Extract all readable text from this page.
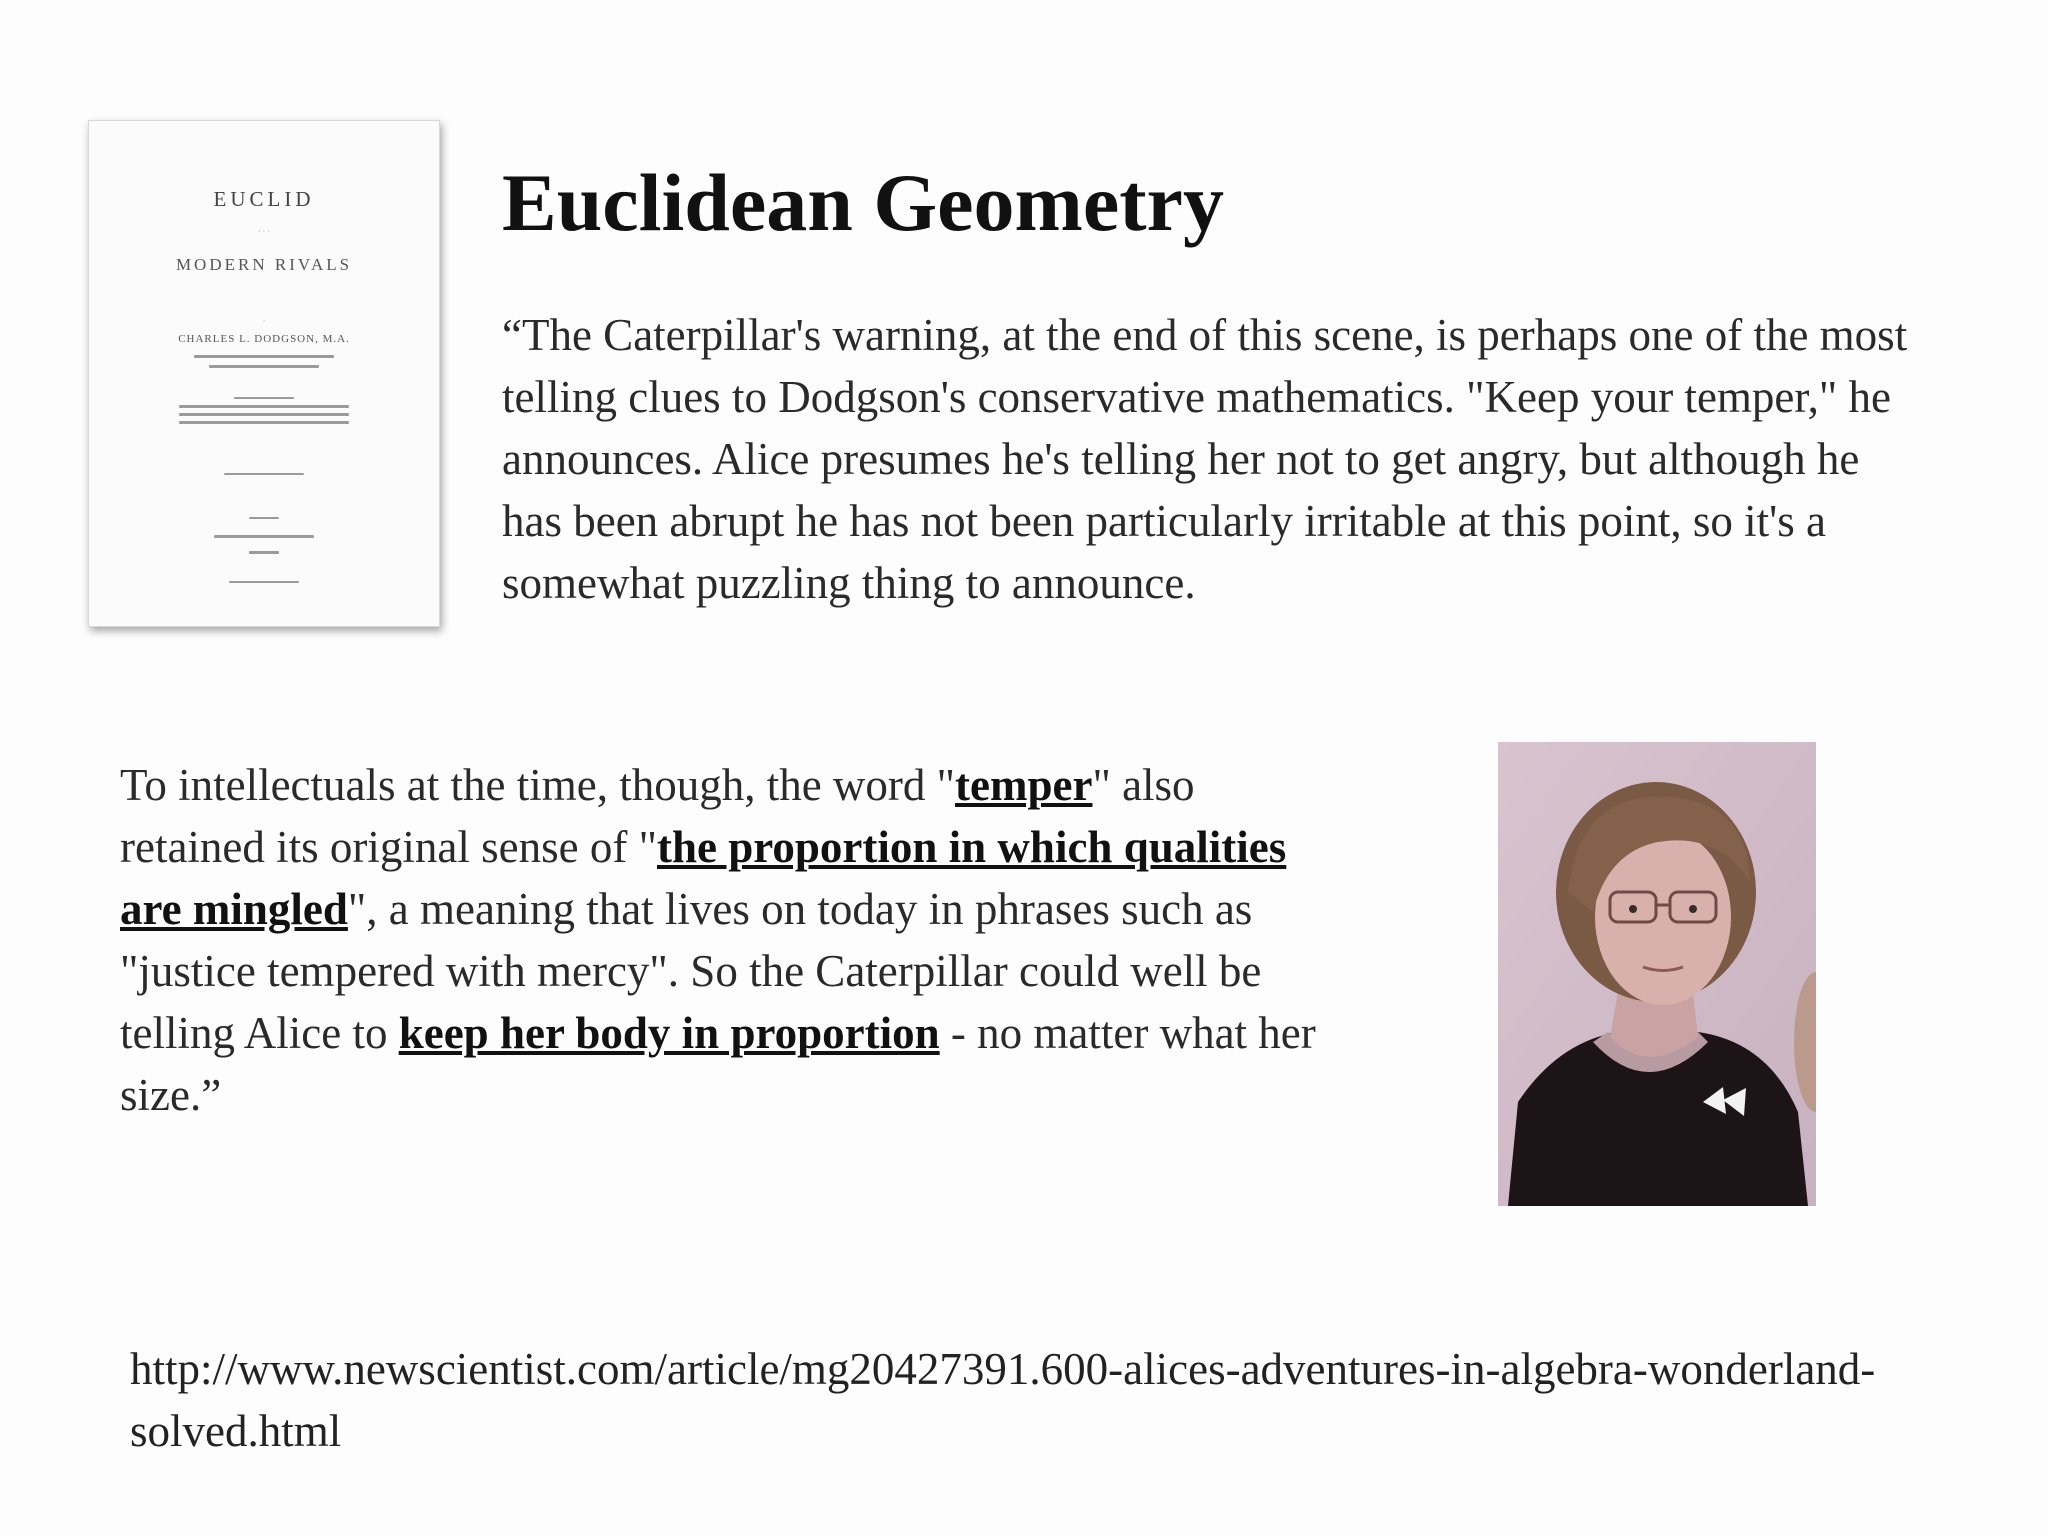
EUCLID
· · ·
MODERN RIVALS
·
CHARLES L. DODGSON, M.A.
Euclidean Geometry

“The Caterpillar's warning, at the end of this scene, is perhaps one of the most telling clues to Dodgson's conservative mathematics. "Keep your temper," he announces. Alice presumes he's telling her not to get angry, but although he has been abrupt he has not been particularly irritable at this point, so it's a somewhat puzzling thing to announce.

To intellectuals at the time, though, the word "temper" also retained its original sense of "the proportion in which qualities are mingled", a meaning that lives on today in phrases such as "justice tempered with mercy". So the Caterpillar could well be telling Alice to keep her body in proportion - no matter what her size.”

http://www.newscientist.com/article/mg20427391.600-alices-adventures-in-algebra-wonderland-solved.html
